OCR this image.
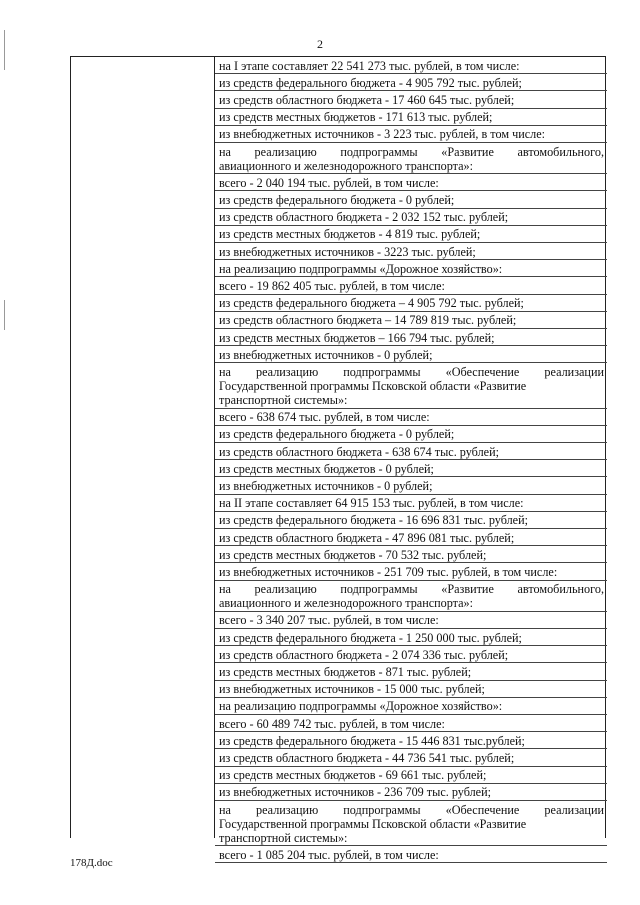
2
на I этапе составляет 22 541 273 тыс. рублей, в том числе:
из средств федерального бюджета - 4 905 792 тыс. рублей;
из средств областного бюджета - 17 460 645 тыс. рублей;
из средств местных бюджетов - 171 613 тыс. рублей;
из внебюджетных источников - 3 223 тыс. рублей, в том числе:
на реализацию подпрограммы «Развитие автомобильного,
авиационного и железнодорожного транспорта»:
всего - 2 040 194 тыс. рублей, в том числе:
из средств федерального бюджета - 0 рублей;
из средств областного бюджета - 2 032 152 тыс. рублей;
из средств местных бюджетов - 4 819 тыс. рублей;
из внебюджетных источников - 3223 тыс. рублей;
на реализацию подпрограммы «Дорожное хозяйство»:
всего - 19 862 405 тыс. рублей, в том числе:
из средств федерального бюджета – 4 905 792 тыс. рублей;
из средств областного бюджета – 14 789 819 тыс. рублей;
из средств местных бюджетов – 166 794 тыс. рублей;
из внебюджетных источников - 0 рублей;
на реализацию подпрограммы «Обеспечение реализации
Государственной программы Псковской области «Развитие
транспортной системы»:
всего - 638 674 тыс. рублей, в том числе:
из средств федерального бюджета - 0 рублей;
из средств областного бюджета - 638 674 тыс. рублей;
из средств местных бюджетов - 0 рублей;
из внебюджетных источников - 0 рублей;
на II этапе составляет 64 915 153 тыс. рублей, в том числе:
из средств федерального бюджета - 16 696 831 тыс. рублей;
из средств областного бюджета - 47 896 081 тыс. рублей;
из средств местных бюджетов - 70 532 тыс. рублей;
из внебюджетных источников - 251 709 тыс. рублей, в том числе:
на реализацию подпрограммы «Развитие автомобильного,
авиационного и железнодорожного транспорта»:
всего - 3 340 207 тыс. рублей, в том числе:
из средств федерального бюджета - 1 250 000 тыс. рублей;
из средств областного бюджета - 2 074 336 тыс. рублей;
из средств местных бюджетов - 871 тыс. рублей;
из внебюджетных источников - 15 000 тыс. рублей;
на реализацию подпрограммы «Дорожное хозяйство»:
всего - 60 489 742 тыс. рублей, в том числе:
из средств федерального бюджета - 15 446 831 тыс.рублей;
из средств областного бюджета - 44 736 541 тыс. рублей;
из средств местных бюджетов - 69 661 тыс. рублей;
из внебюджетных источников - 236 709 тыс. рублей;
на реализацию подпрограммы «Обеспечение реализации
Государственной программы Псковской области «Развитие
транспортной системы»:
всего - 1 085 204 тыс. рублей, в том числе:
178Д.doc
